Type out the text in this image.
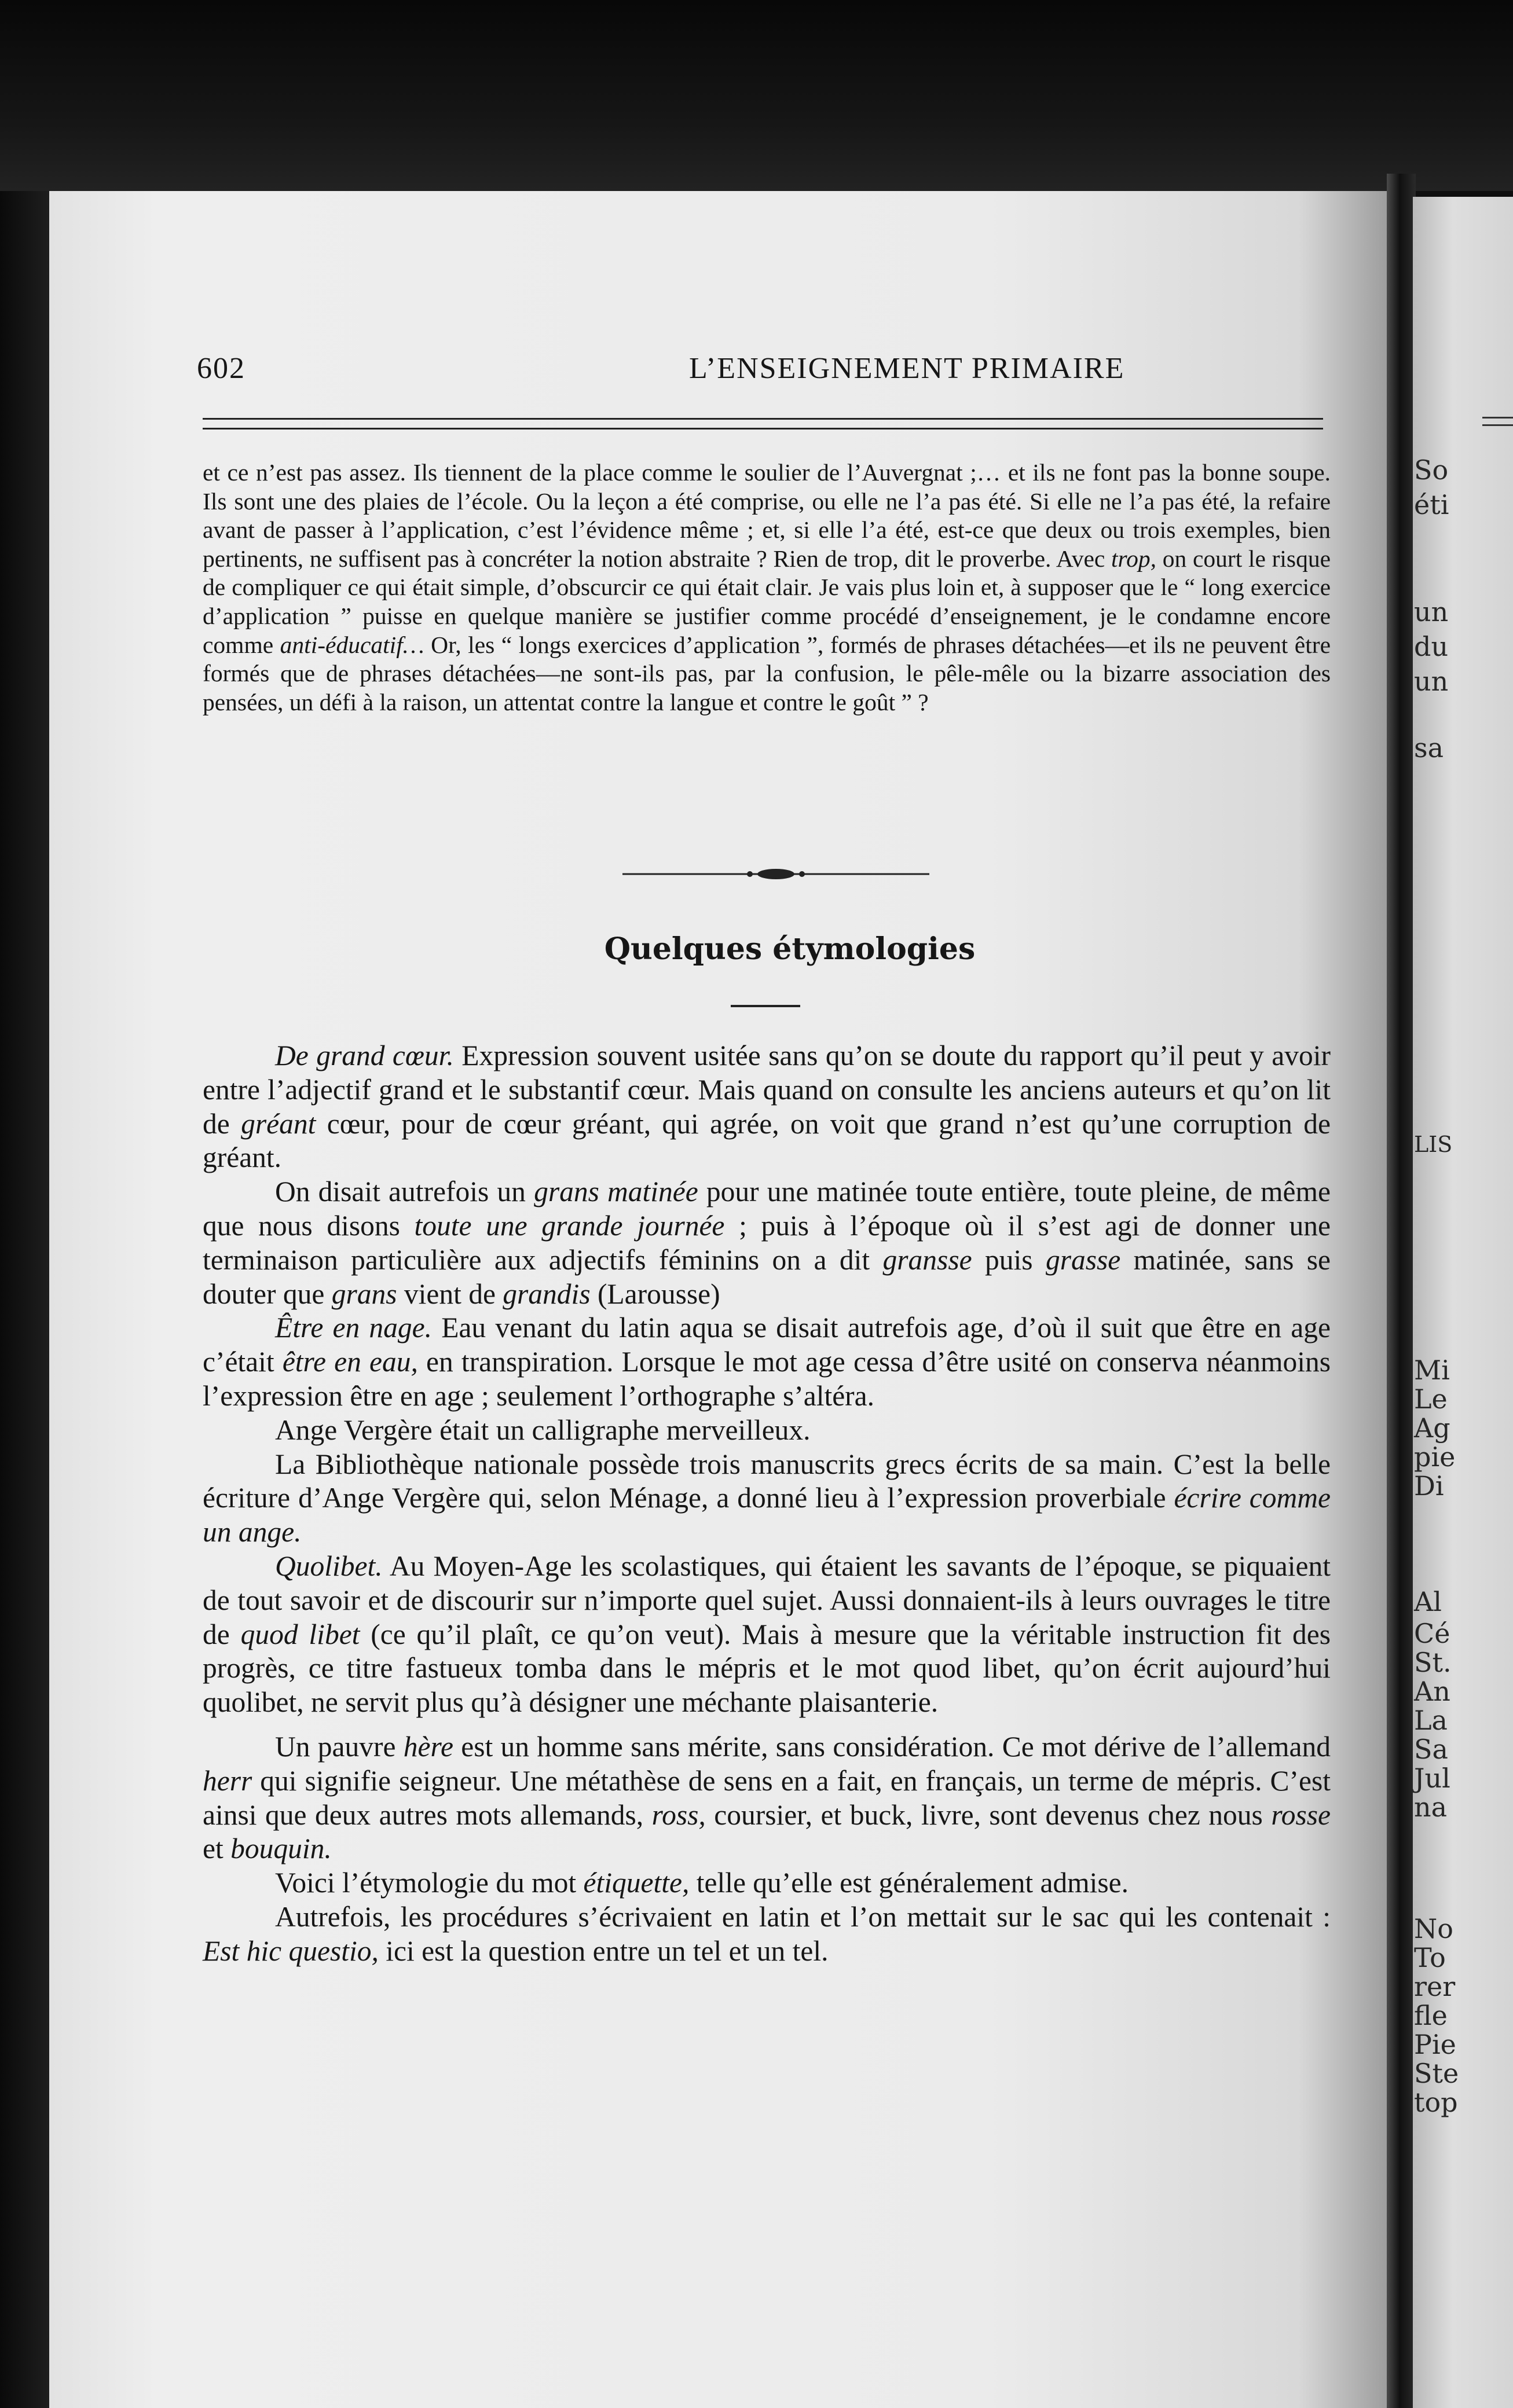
So
éti
un
du
un
sa
LIS
Mi
Le
Ag
pie
Di
Al
Cé
St.
An
La
Sa
Jul
na
No
To
rer
fle
Pie
Ste
top
602	L’ENSEIGNEMENT PRIMAIRE

et ce n’est pas assez. Ils tiennent de la place comme le soulier de l’Auvergnat ;… et ils ne font pas la bonne soupe. Ils sont une des plaies de l’école. Ou la leçon a été comprise, ou elle ne l’a pas été. Si elle ne l’a pas été, la refaire avant de passer à l’application, c’est l’évidence même ; et, si elle l’a été, est-ce que deux ou trois exemples, bien pertinents, ne suffisent pas à concréter la notion abstraite ? Rien de trop, dit le proverbe. Avec trop, on court le risque de compliquer ce qui était simple, d’obscurcir ce qui était clair. Je vais plus loin et, à supposer que le “ long exercice d’application ” puisse en quelque manière se justifier comme procédé d’enseignement, je le condamne encore comme anti-éducatif… Or, les “ longs exercices d’application ”, formés de phrases détachées—et ils ne peuvent être formés que de phrases détachées—ne sont-ils pas, par la confusion, le pêle-mêle ou la bizarre association des pensées, un défi à la raison, un attentat contre la langue et contre le goût ” ?

Quelques étymologies

De grand cœur. Expression souvent usitée sans qu’on se doute du rapport qu’il peut y avoir entre l’adjectif grand et le substantif cœur. Mais quand on consulte les anciens auteurs et qu’on lit de gréant cœur, pour de cœur gréant, qui agrée, on voit que grand n’est qu’une corruption de gréant.

On disait autrefois un grans matinée pour une matinée toute entière, toute pleine, de même que nous disons toute une grande journée ; puis à l’époque où il s’est agi de donner une terminaison particulière aux adjectifs féminins on a dit gransse puis grasse matinée, sans se douter que grans vient de grandis (Larousse)

Être en nage. Eau venant du latin aqua se disait autrefois age, d’où il suit que être en age c’était être en eau, en transpiration. Lorsque le mot age cessa d’être usité on conserva néanmoins l’expression être en age ; seulement l’orthographe s’altéra.

Ange Vergère était un calligraphe merveilleux.

La Bibliothèque nationale possède trois manuscrits grecs écrits de sa main. C’est la belle écriture d’Ange Vergère qui, selon Ménage, a donné lieu à l’expression proverbiale écrire comme un ange.

Quolibet. Au Moyen-Age les scolastiques, qui étaient les savants de l’époque, se piquaient de tout savoir et de discourir sur n’importe quel sujet. Aussi donnaient-ils à leurs ouvrages le titre de quod libet (ce qu’il plaît, ce qu’on veut). Mais à mesure que la véritable instruction fit des progrès, ce titre fastueux tomba dans le mépris et le mot quod libet, qu’on écrit aujourd’hui quolibet, ne servit plus qu’à désigner une méchante plaisanterie.

Un pauvre hère est un homme sans mérite, sans considération. Ce mot dérive de l’allemand herr qui signifie seigneur. Une métathèse de sens en a fait, en français, un terme de mépris. C’est ainsi que deux autres mots allemands, ross, coursier, et buck, livre, sont devenus chez nous rosse et bouquin.

Voici l’étymologie du mot étiquette, telle qu’elle est généralement admise.

Autrefois, les procédures s’écrivaient en latin et l’on mettait sur le sac qui les contenait : Est hic questio, ici est la question entre un tel et un tel.
